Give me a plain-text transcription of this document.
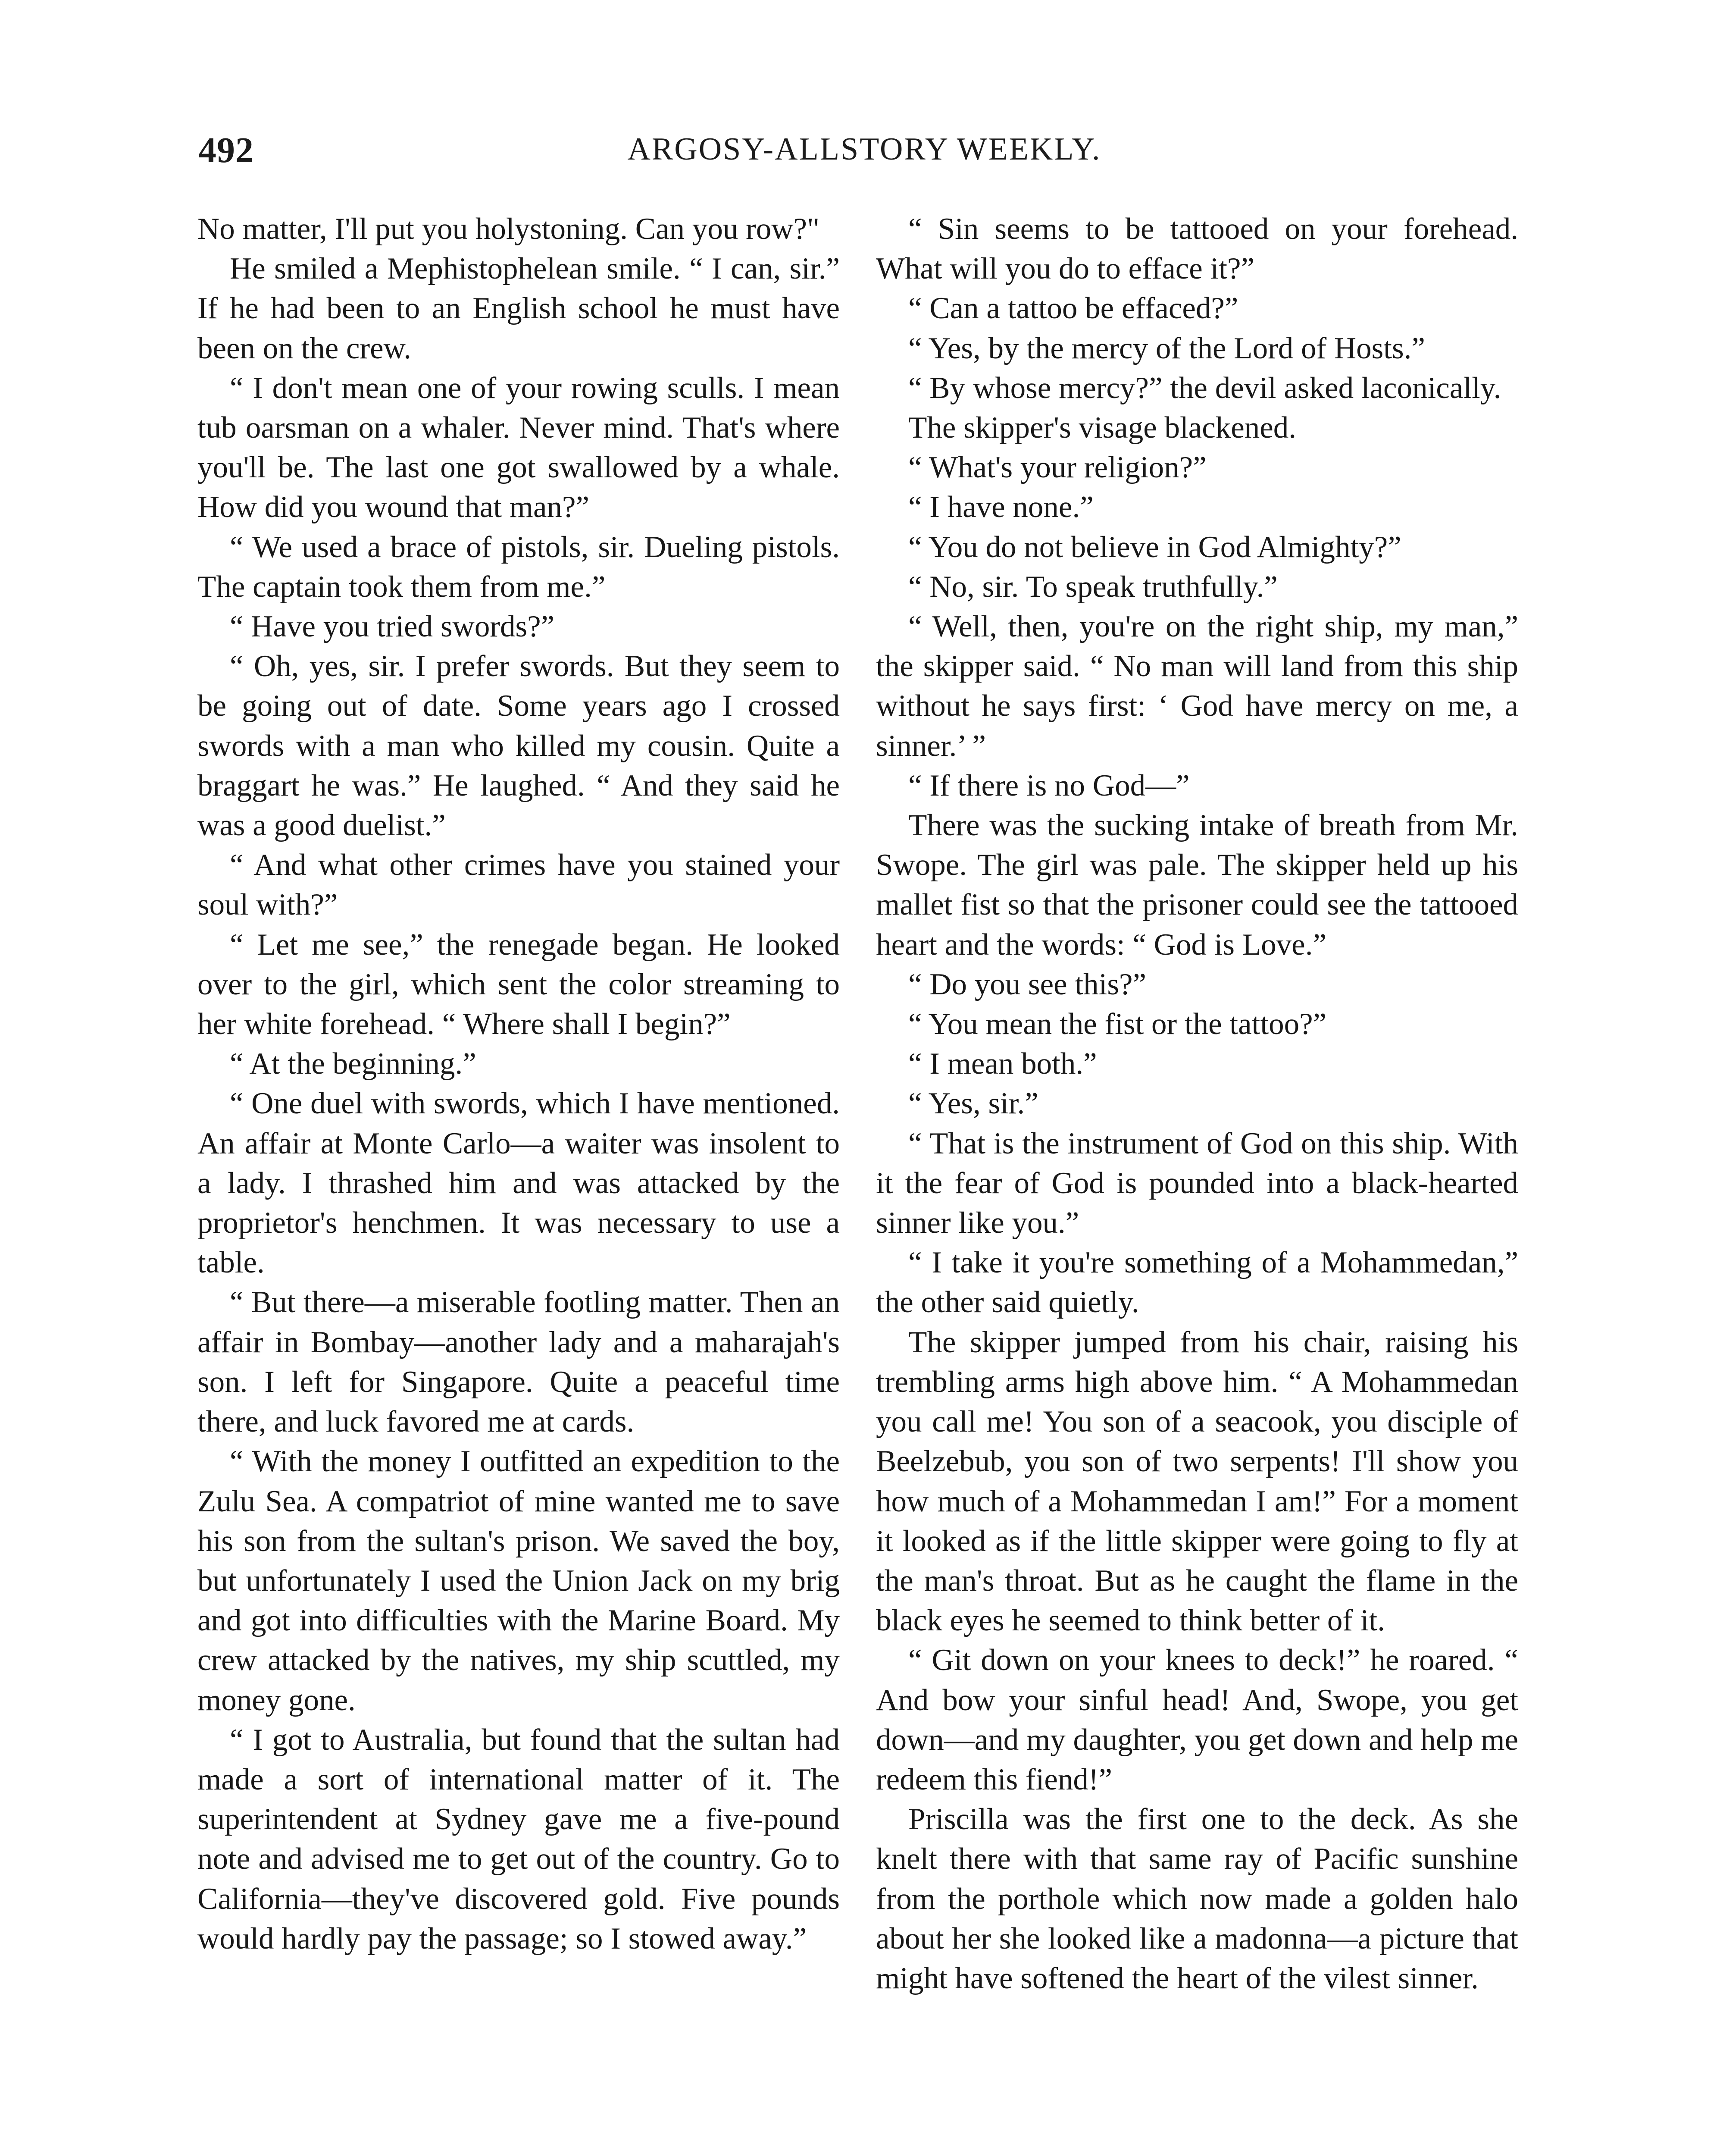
492	ARGOSY-ALLSTORY WEEKLY.

No matter, I'll put you holystoning. Can you row?"

He smiled a Mephistophelean smile. “ I can, sir.” If he had been to an English school he must have been on the crew.

“ I don't mean one of your rowing sculls. I mean tub oarsman on a whaler. Never mind. That's where you'll be. The last one got swallowed by a whale. How did you wound that man?”

“ We used a brace of pistols, sir. Dueling pistols. The captain took them from me.”

“ Have you tried swords?”

“ Oh, yes, sir. I prefer swords. But they seem to be going out of date. Some years ago I crossed swords with a man who killed my cousin. Quite a braggart he was.” He laughed. “ And they said he was a good duelist.”

“ And what other crimes have you stained your soul with?”

“ Let me see,” the renegade began. He looked over to the girl, which sent the color streaming to her white forehead. “ Where shall I begin?”

“ At the beginning.”

“ One duel with swords, which I have mentioned. An affair at Monte Carlo—a waiter was insolent to a lady. I thrashed him and was attacked by the proprietor's henchmen. It was necessary to use a table.

“ But there—a miserable footling matter. Then an affair in Bombay—another lady and a maharajah's son. I left for Singapore. Quite a peaceful time there, and luck favored me at cards.

“ With the money I outfitted an expedition to the Zulu Sea. A compatriot of mine wanted me to save his son from the sultan's prison. We saved the boy, but unfortunately I used the Union Jack on my brig and got into difficulties with the Marine Board. My crew attacked by the natives, my ship scuttled, my money gone.

“ I got to Australia, but found that the sultan had made a sort of international matter of it. The superintendent at Sydney gave me a five-pound note and advised me to get out of the country. Go to California—they've discovered gold. Five pounds would hardly pay the passage; so I stowed away.”

“ Sin seems to be tattooed on your forehead. What will you do to efface it?”

“ Can a tattoo be effaced?”

“ Yes, by the mercy of the Lord of Hosts.”

“ By whose mercy?” the devil asked laconically.

The skipper's visage blackened.

“ What's your religion?”

“ I have none.”

“ You do not believe in God Almighty?”

“ No, sir. To speak truthfully.”

“ Well, then, you're on the right ship, my man,” the skipper said. “ No man will land from this ship without he says first: ‘ God have mercy on me, a sinner.’ ”

“ If there is no God—”

There was the sucking intake of breath from Mr. Swope. The girl was pale. The skipper held up his mallet fist so that the prisoner could see the tattooed heart and the words: “ God is Love.”

“ Do you see this?”

“ You mean the fist or the tattoo?”

“ I mean both.”

“ Yes, sir.”

“ That is the instrument of God on this ship. With it the fear of God is pounded into a black-hearted sinner like you.”

“ I take it you're something of a Mohammedan,” the other said quietly.

The skipper jumped from his chair, raising his trembling arms high above him. “ A Mohammedan you call me! You son of a seacook, you disciple of Beelzebub, you son of two serpents! I'll show you how much of a Mohammedan I am!” For a moment it looked as if the little skipper were going to fly at the man's throat. But as he caught the flame in the black eyes he seemed to think better of it.

“ Git down on your knees to deck!” he roared. “ And bow your sinful head! And, Swope, you get down—and my daughter, you get down and help me redeem this fiend!”

Priscilla was the first one to the deck. As she knelt there with that same ray of Pacific sunshine from the porthole which now made a golden halo about her she looked like a madonna—a picture that might have softened the heart of the vilest sinner.
